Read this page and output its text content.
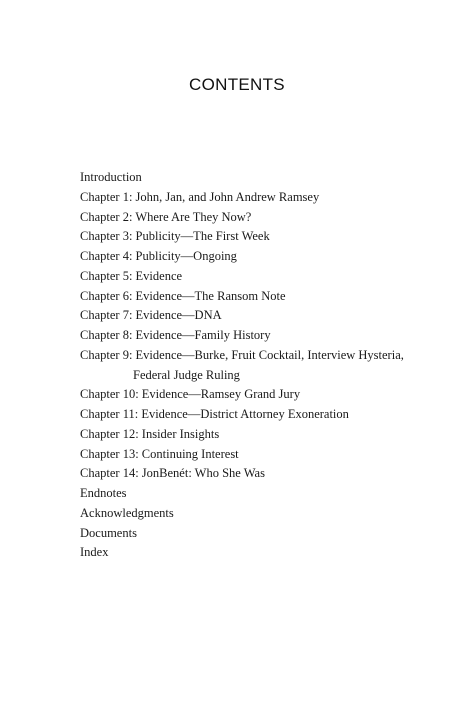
CONTENTS
Introduction
Chapter 1: John, Jan, and John Andrew Ramsey
Chapter 2: Where Are They Now?
Chapter 3: Publicity—The First Week
Chapter 4: Publicity—Ongoing
Chapter 5: Evidence
Chapter 6: Evidence—The Ransom Note
Chapter 7: Evidence—DNA
Chapter 8: Evidence—Family History
Chapter 9: Evidence—Burke, Fruit Cocktail, Interview Hysteria,
Federal Judge Ruling
Chapter 10: Evidence—Ramsey Grand Jury
Chapter 11: Evidence—District Attorney Exoneration
Chapter 12: Insider Insights
Chapter 13: Continuing Interest
Chapter 14: JonBenét: Who She Was
Endnotes
Acknowledgments
Documents
Index
